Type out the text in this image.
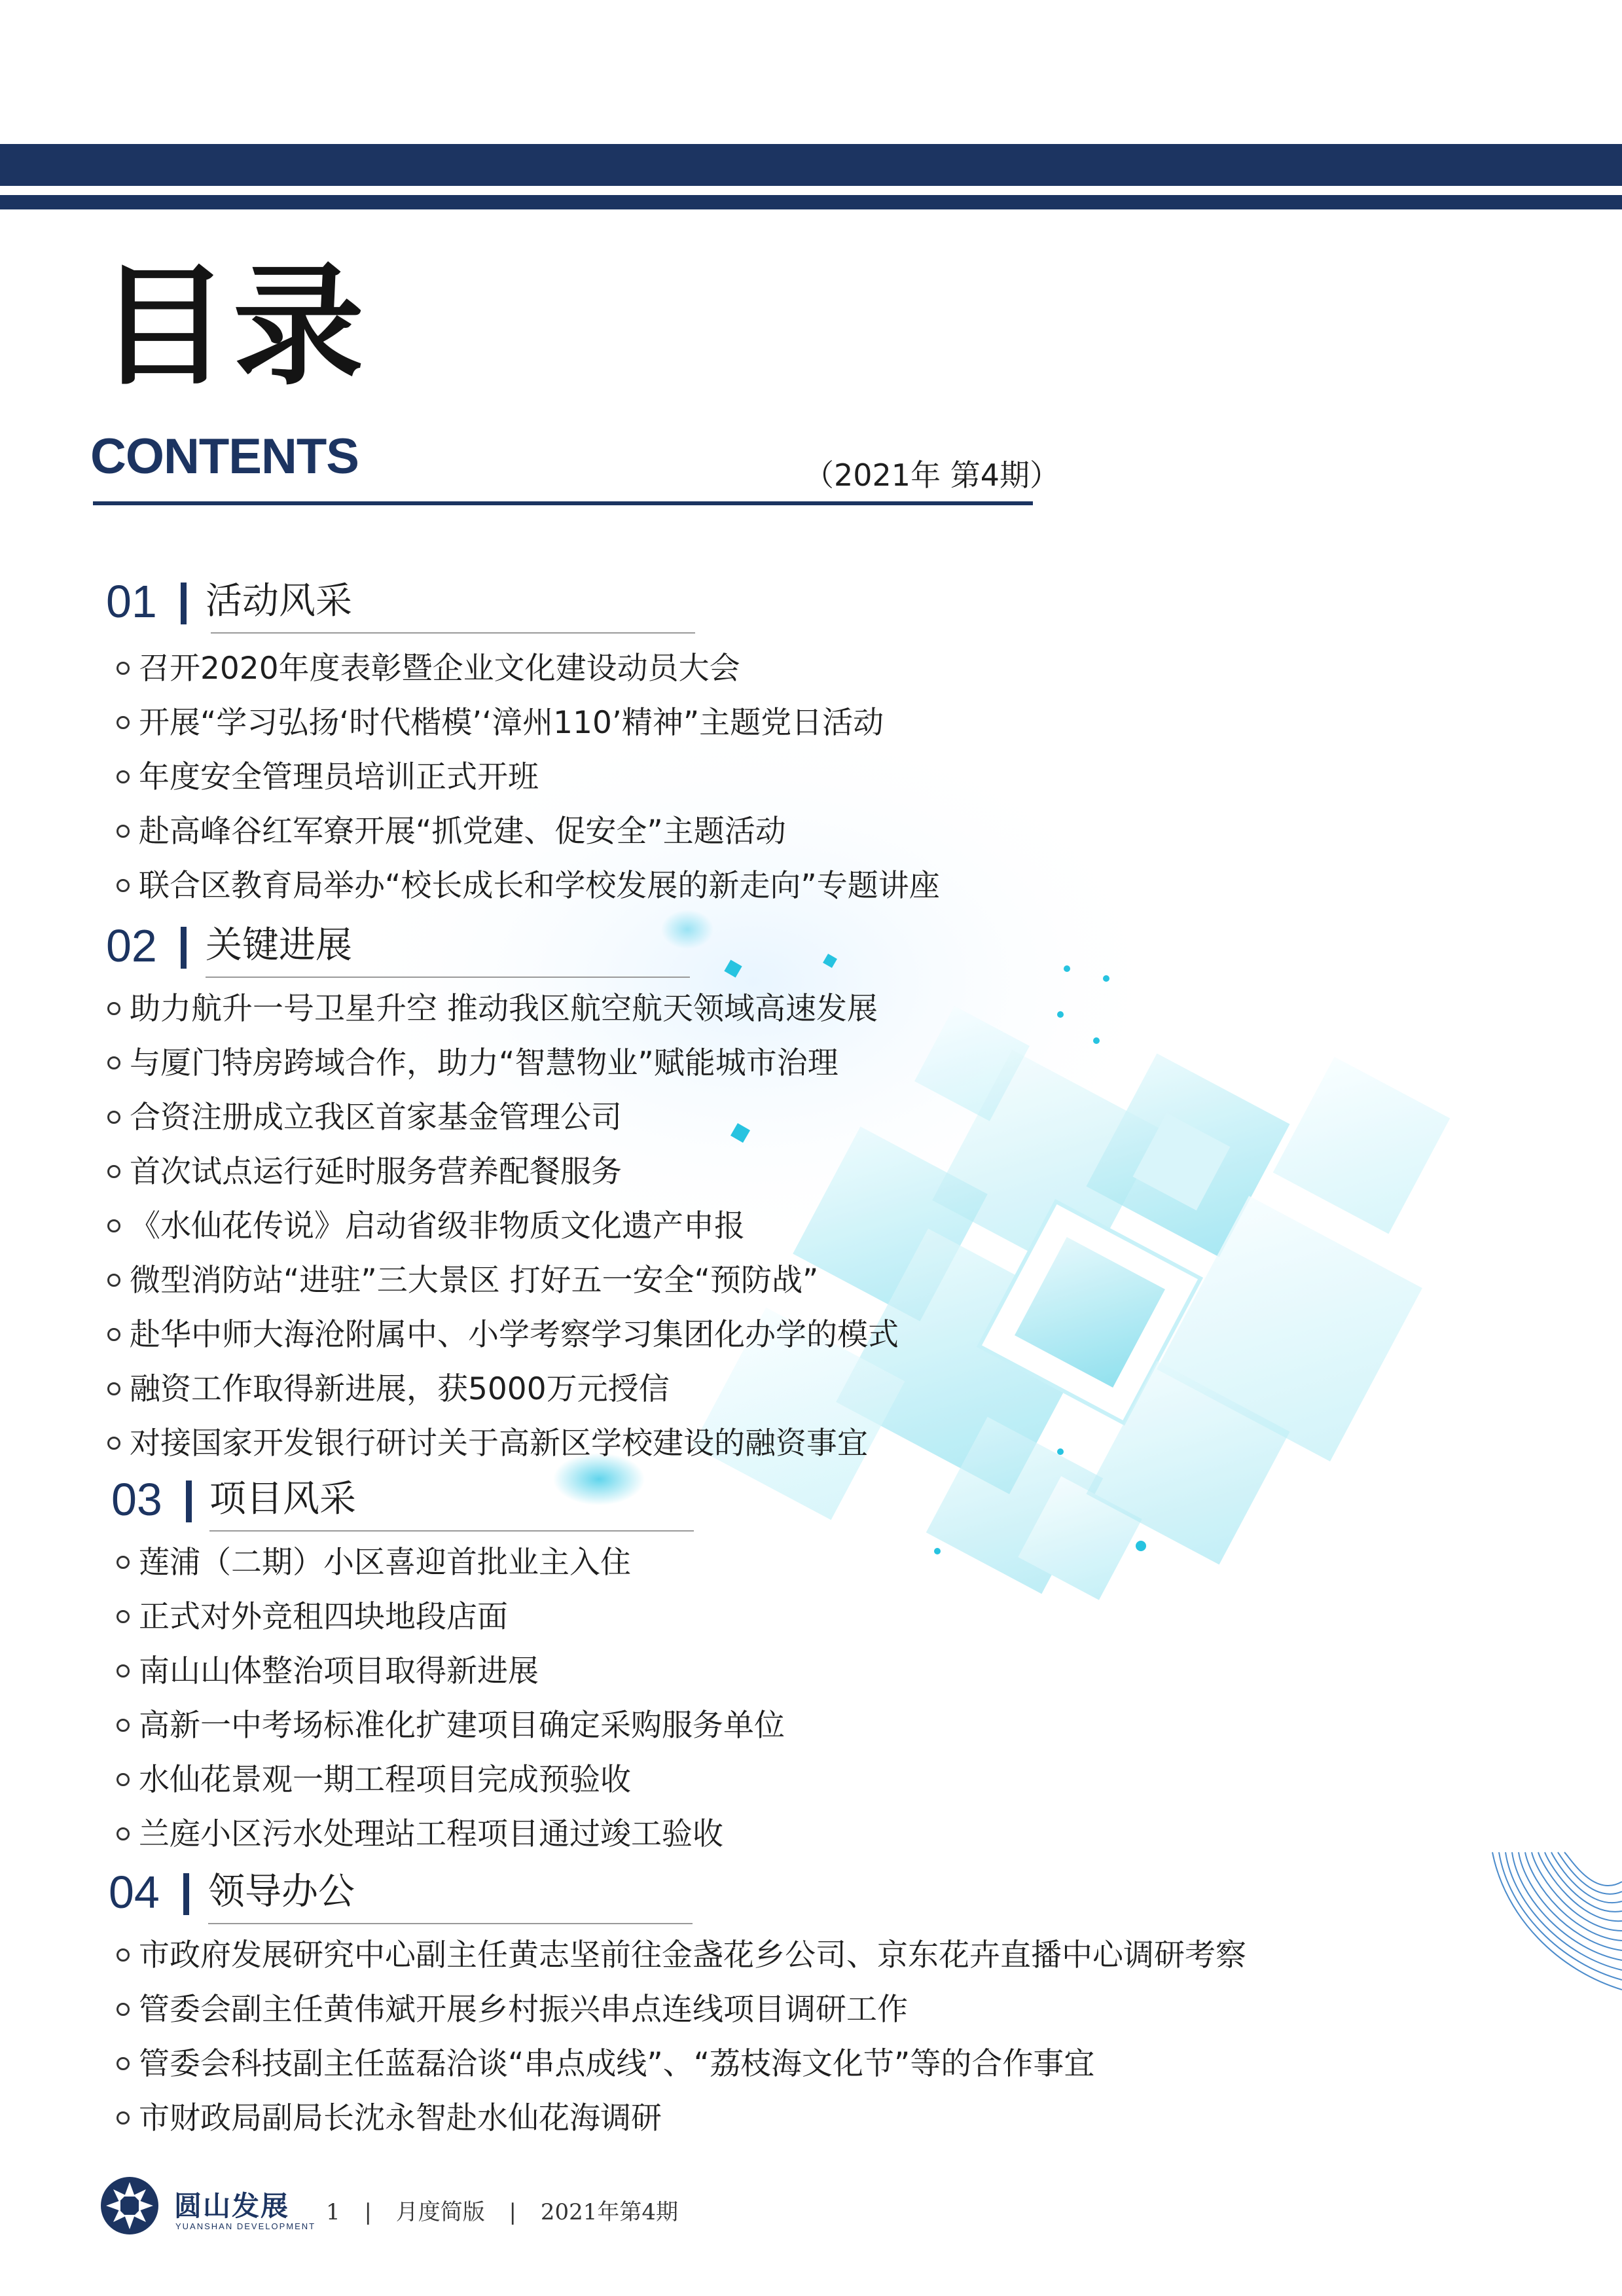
目录
CONTENTS	（2021年 第4期）
01 活动风采
召开2020年度表彰暨企业文化建设动员大会
开展“学习弘扬‘时代楷模’‘漳州110’精神”主题党日活动
年度安全管理员培训正式开班
赴高峰谷红军寮开展“抓党建、促安全”主题活动
联合区教育局举办“校长成长和学校发展的新走向”专题讲座
02 关键进展
助力航升一号卫星升空 推动我区航空航天领域高速发展
与厦门特房跨域合作，助力“智慧物业”赋能城市治理
合资注册成立我区首家基金管理公司
首次试点运行延时服务营养配餐服务
《水仙花传说》启动省级非物质文化遗产申报
微型消防站“进驻”三大景区 打好五一安全“预防战”
赴华中师大海沧附属中、小学考察学习集团化办学的模式
融资工作取得新进展，获5000万元授信
对接国家开发银行研讨关于高新区学校建设的融资事宜
03 项目风采
莲浦（二期）小区喜迎首批业主入住
正式对外竞租四块地段店面
南山山体整治项目取得新进展
高新一中考场标准化扩建项目确定采购服务单位
水仙花景观一期工程项目完成预验收
兰庭小区污水处理站工程项目通过竣工验收
04 领导办公
市政府发展研究中心副主任黄志坚前往金盏花乡公司、京东花卉直播中心调研考察
管委会副主任黄伟斌开展乡村振兴串点连线项目调研工作
管委会科技副主任蓝磊洽谈“串点成线”、“荔枝海文化节”等的合作事宜
市财政局副局长沈永智赴水仙花海调研
圆山发展
YUANSHAN DEVELOPMENT
1 | 月度简版 | 2021年第4期
